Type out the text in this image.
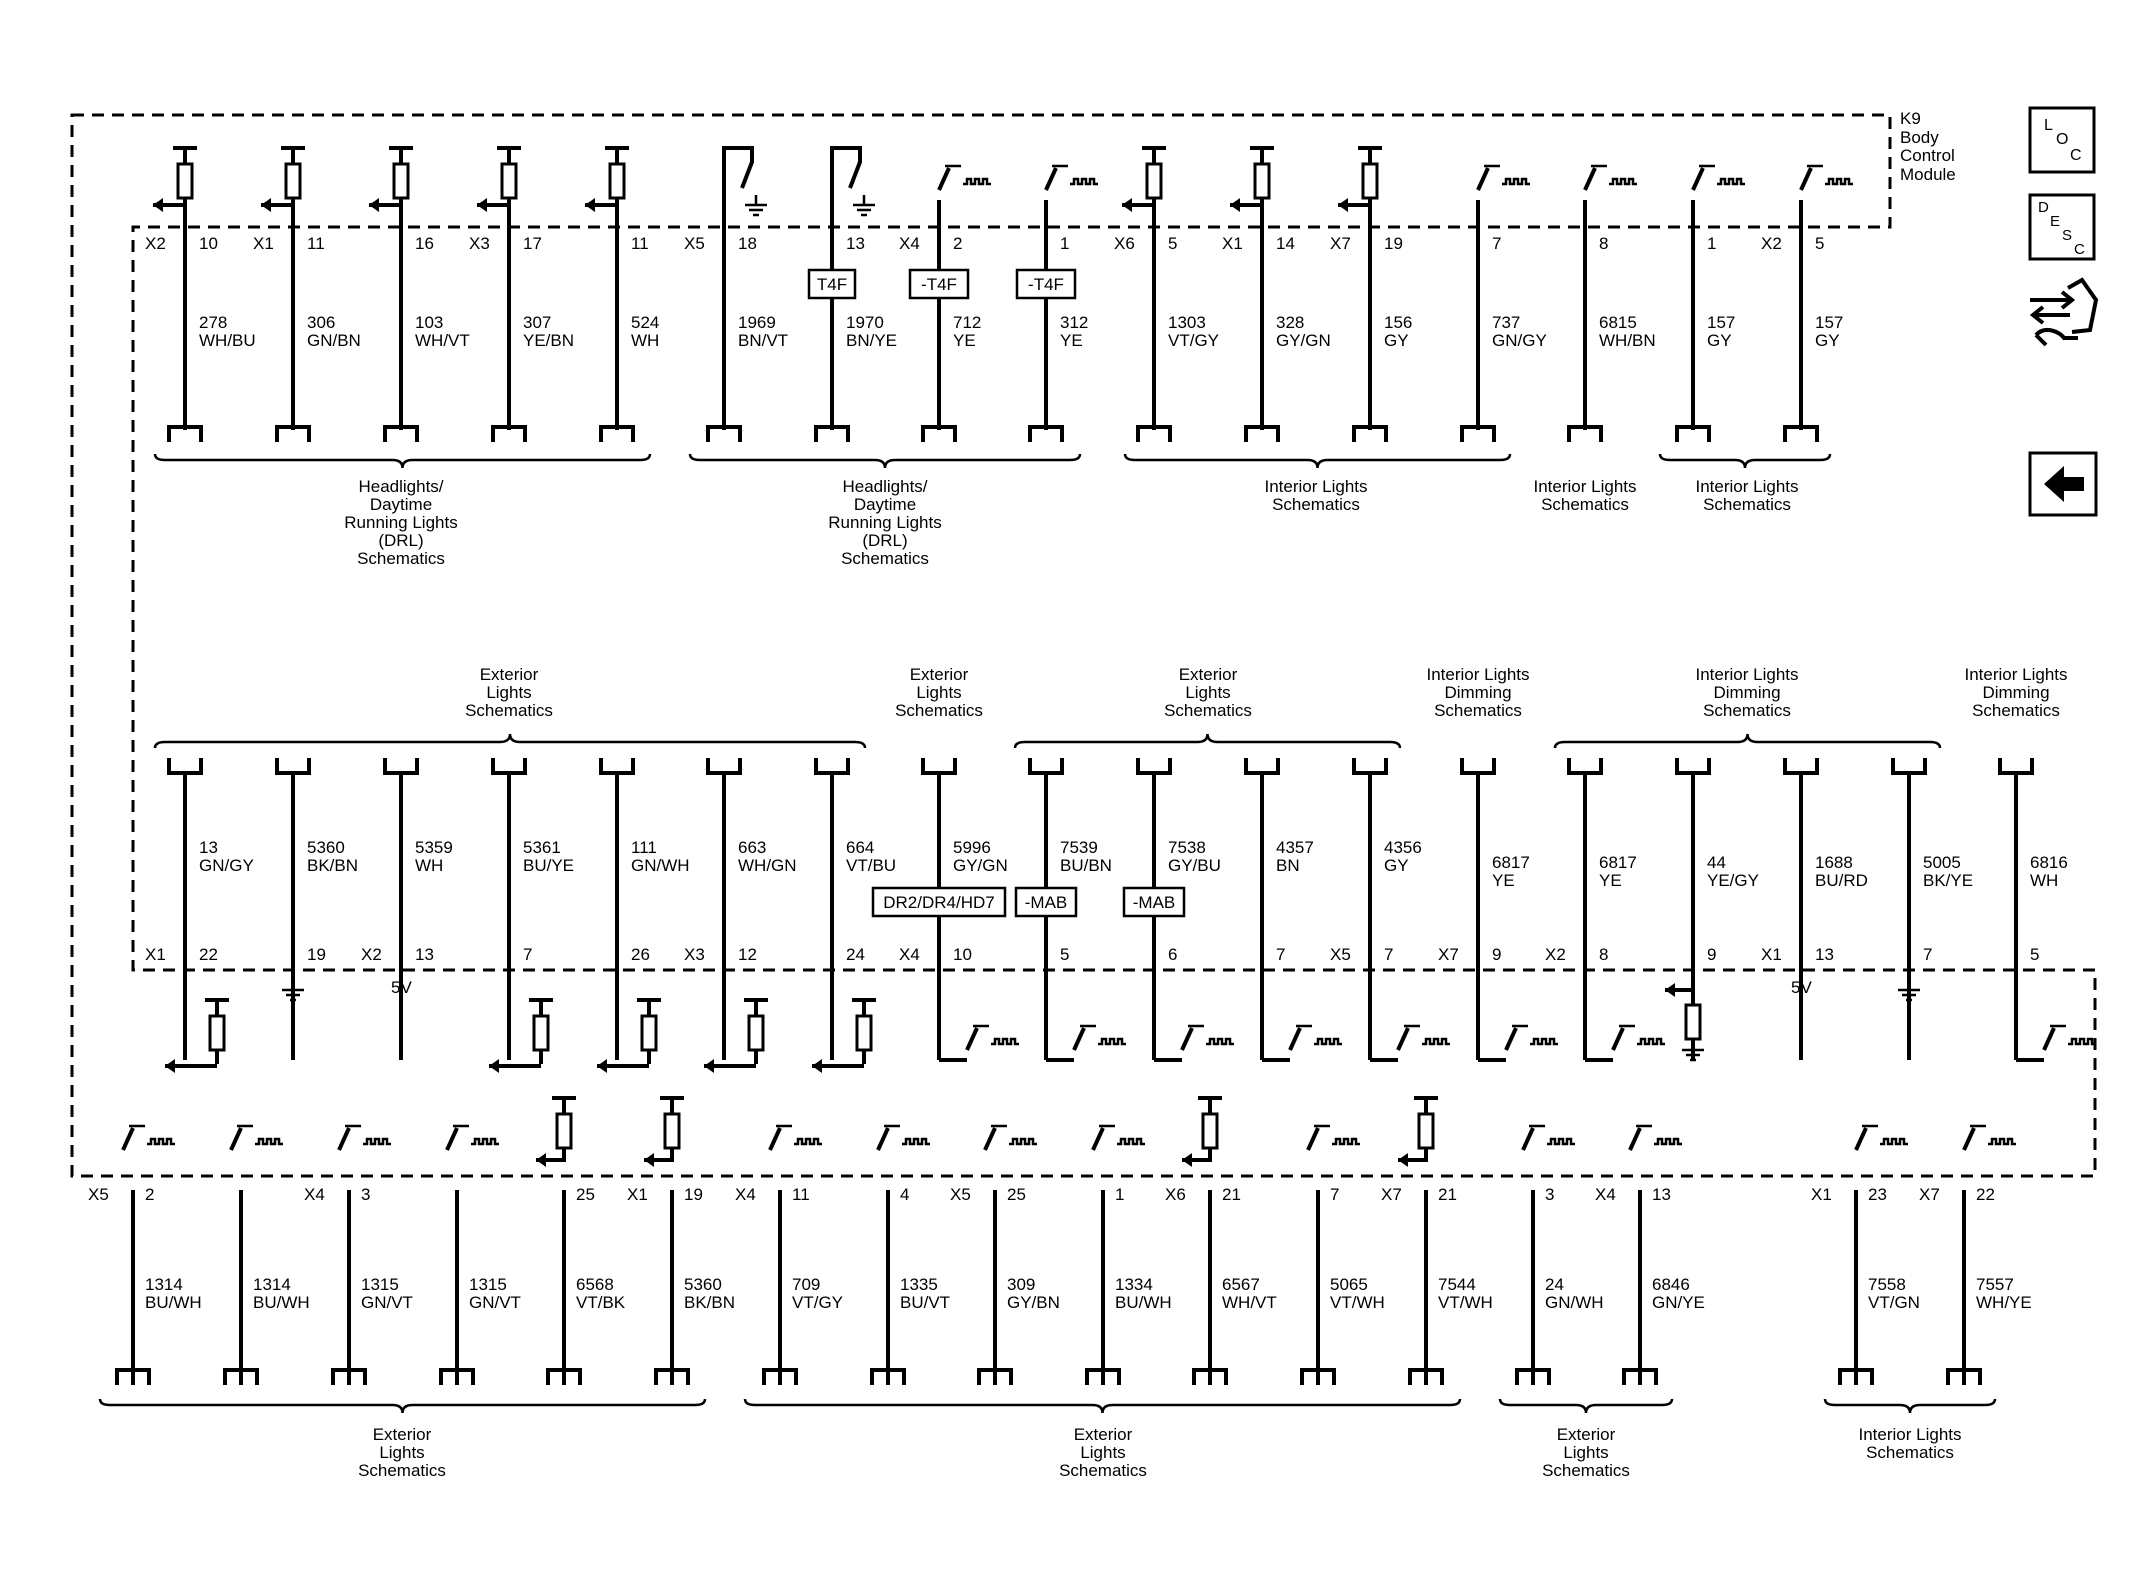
K9
Body
Control
Module
L
O
C
D
E
S
C
X2 10
278
WH/BU
X1 11
306
GN/BN
16
103
WH/VT
X3 17
307
YE/BN
11
524
WH
X5 18
1969
BN/VT
13
1970
BN/YE
T4F
X4 2
712
YE
-T4F
1
312
YE
-T4F
X6 5
1303
VT/GY
X1 14
328
GY/GN
X7 19
156
GY
7
737
GN/GY
8
6815
WH/BN
1
157
GY
X2 5
157
GY
Headlights/
Daytime
Running Lights
(DRL)
Schematics
Headlights/
Daytime
Running Lights
(DRL)
Schematics
Interior Lights
Schematics
Interior Lights
Schematics
Interior Lights
Schematics
13
GN/GY
X1 22
5360
BK/BN
19
5359
WH
X2 13
5V
5361
BU/YE
7
111
GN/WH
26
663
WH/GN
X3 12
664
VT/BU
24
5996
GY/GN
X4 10
DR2/DR4/HD7
7539
BU/BN
5
-MAB
7538
GY/BU
6
-MAB
4357
BN
7
4356
GY
X5 7
6817
YE
X7 9
6817
YE
X2 8
44
YE/GY
9
1688
BU/RD
X1 13
5V
5005
BK/YE
7
6816
WH
5
Exterior
Lights
Schematics
Exterior
Lights
Schematics
Exterior
Lights
Schematics
Interior Lights
Dimming
Schematics
Interior Lights
Dimming
Schematics
Interior Lights
Dimming
Schematics
1314
BU/WH
X5 2
1314
BU/WH
1315
GN/VT
X4 3
1315
GN/VT
6568
VT/BK
25
5360
BK/BN
X1 19
709
VT/GY
X4 11
1335
BU/VT
4
309
GY/BN
X5 25
1334
BU/WH
1
6567
WH/VT
X6 21
5065
VT/WH
7
7544
VT/WH
X7 21
24
GN/WH
3
6846
GN/YE
X4 13
7558
VT/GN
X1 23
7557
WH/YE
X7 22
Exterior
Lights
Schematics
Exterior
Lights
Schematics
Exterior
Lights
Schematics
Interior Lights
Schematics
